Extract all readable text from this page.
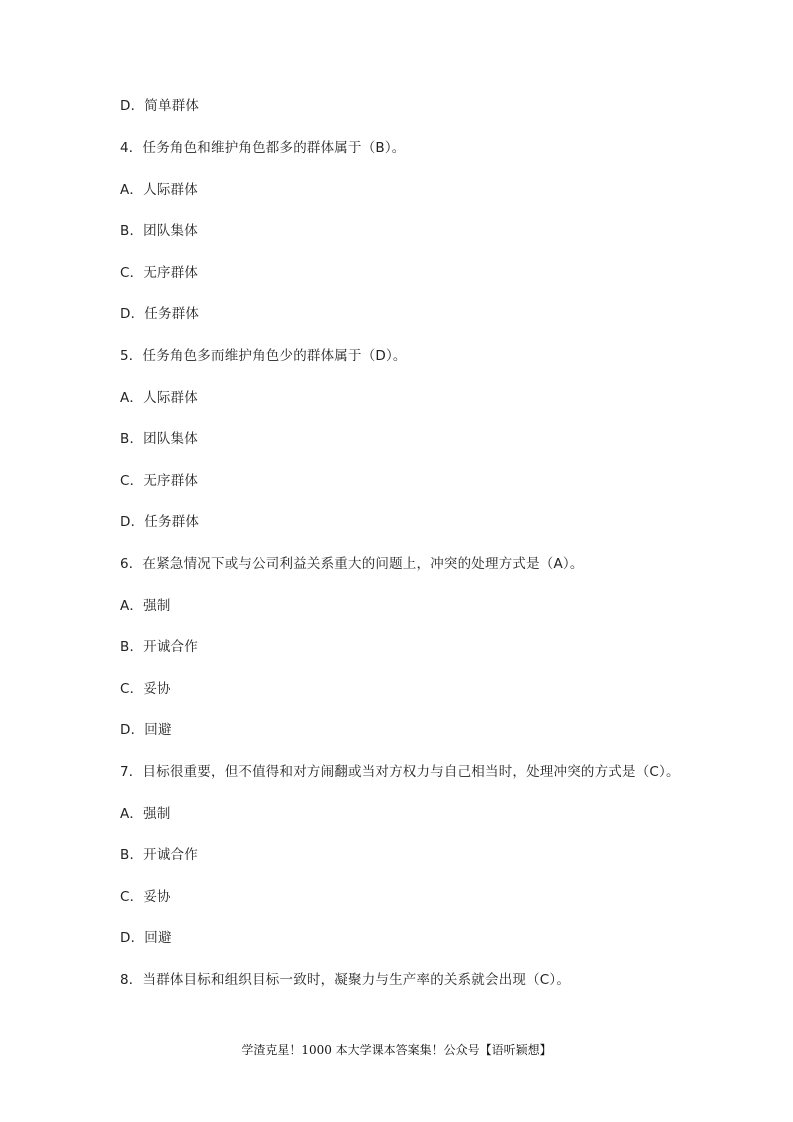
D．简单群体
4．任务角色和维护角色都多的群体属于（B）。
A．人际群体
B．团队集体
C．无序群体
D．任务群体
5．任务角色多而维护角色少的群体属于（D）。
A．人际群体
B．团队集体
C．无序群体
D．任务群体
6．在紧急情况下或与公司利益关系重大的问题上，冲突的处理方式是（A）。
A．强制
B．开诚合作
C．妥协
D．回避
7．目标很重要，但不值得和对方闹翻或当对方权力与自己相当时，处理冲突的方式是（C）。
A．强制
B．开诚合作
C．妥协
D．回避
8．当群体目标和组织目标一致时，凝聚力与生产率的关系就会出现（C）。
学渣克星！1000 本大学课本答案集！公众号【语听颖想】
